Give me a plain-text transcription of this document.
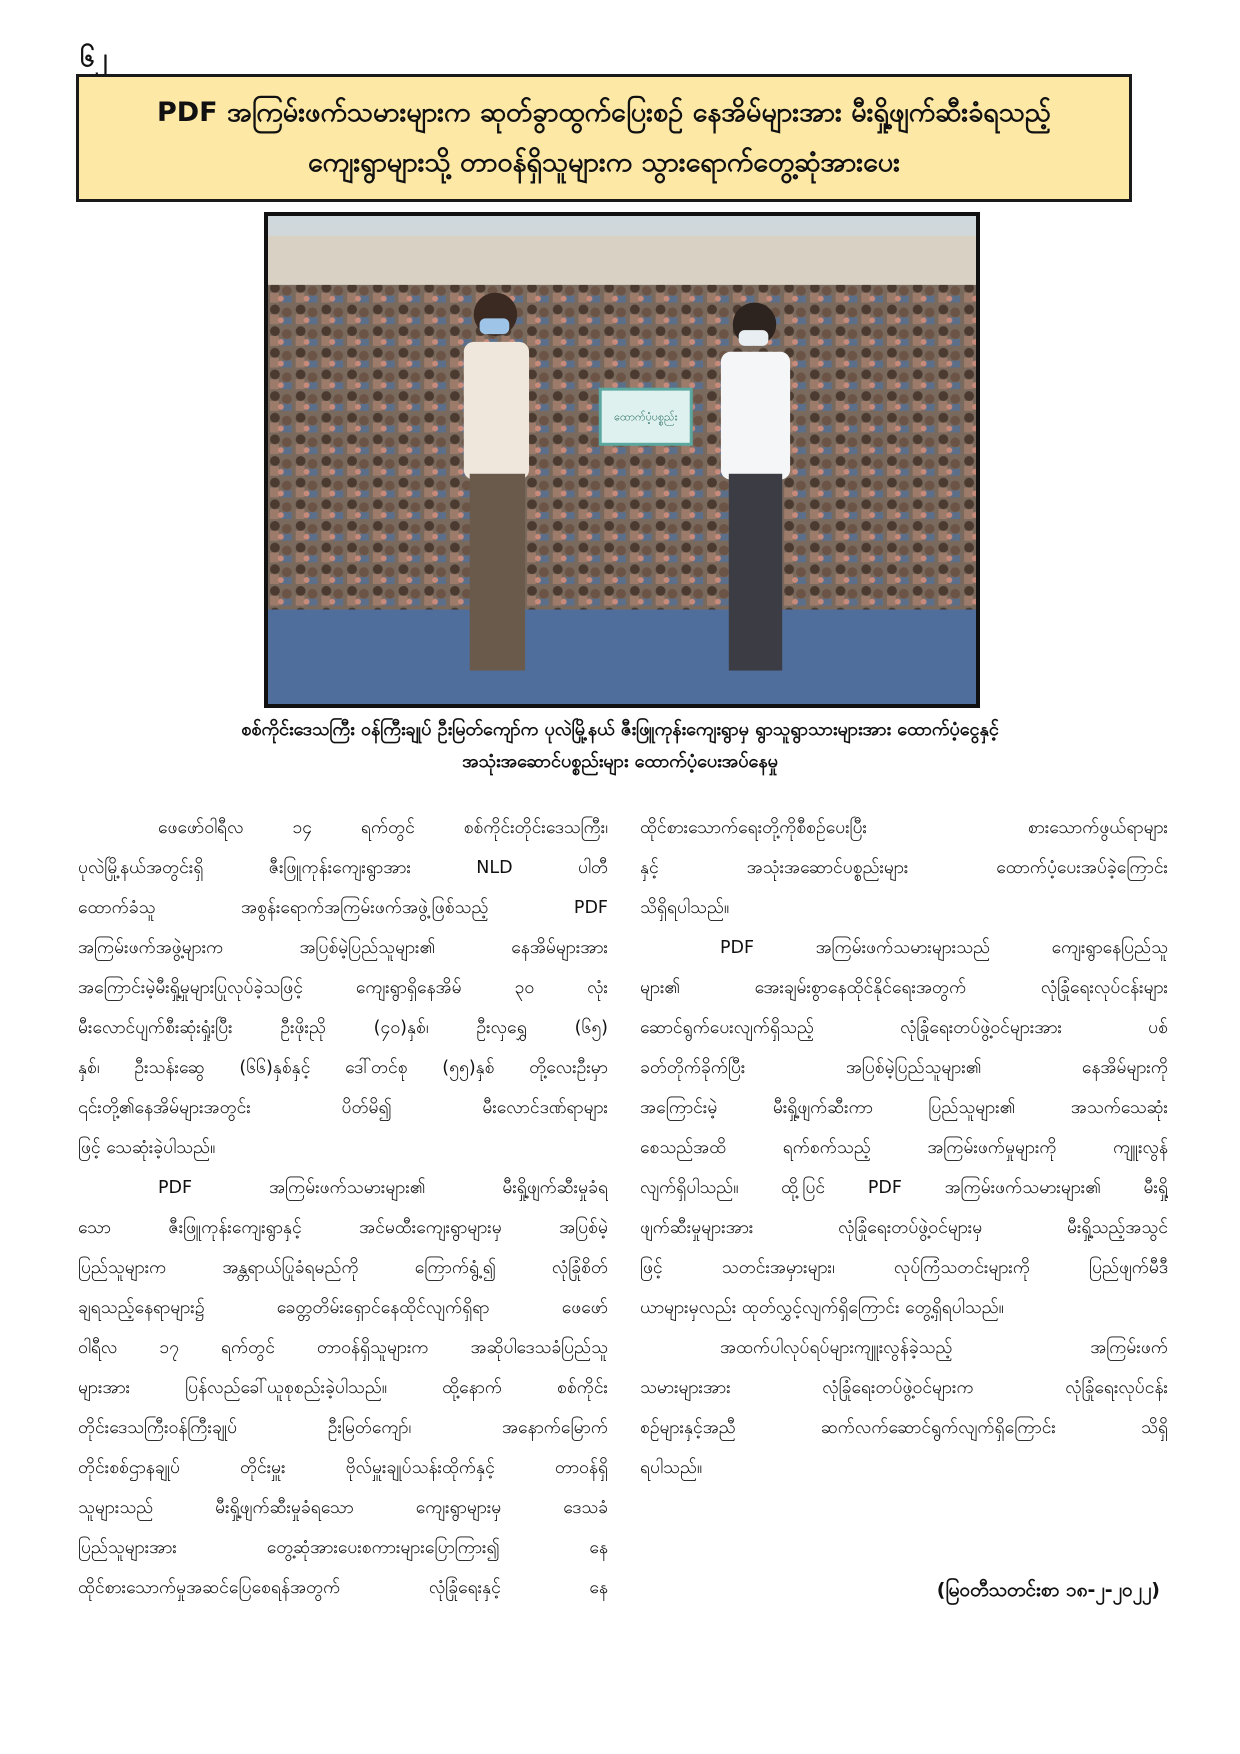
၆၂
PDF အကြမ်းဖက်သမားများက ဆုတ်ခွာထွက်ပြေးစဉ် နေအိမ်များအား မီးရှို့ဖျက်ဆီးခံရသည့်
ကျေးရွာများသို့ တာဝန်ရှိသူများက သွားရောက်တွေ့ဆုံအားပေး
ထောက်ပံ့ပစ္စည်း
စစ်ကိုင်းဒေသကြီး ဝန်ကြီးချုပ် ဦးမြတ်ကျော်က ပုလဲမြို့နယ် ဇီးဖြူကုန်းကျေးရွာမှ ရွာသူရွာသားများအား ထောက်ပံ့ငွေနှင့်
အသုံးအဆောင်ပစ္စည်းများ ထောက်ပံ့ပေးအပ်နေမှု
ဖေဖော်ဝါရီလ ၁၄ ရက်တွင် စစ်ကိုင်းတိုင်းဒေသကြီး၊
ပုလဲမြို့နယ်အတွင်းရှိ ဇီးဖြူကုန်းကျေးရွာအား NLD ပါတီ
ထောက်ခံသူ အစွန်းရောက်အကြမ်းဖက်အဖွဲ့ဖြစ်သည့် PDF
အကြမ်းဖက်အဖွဲ့များက အပြစ်မဲ့ပြည်သူများ၏ နေအိမ်များအား
အကြောင်းမဲ့မီးရှို့မှုများပြုလုပ်ခဲ့သဖြင့် ကျေးရွာရှိနေအိမ် ၃၀ လုံး
မီးလောင်ပျက်စီးဆုံးရှုံးပြီး ဦးဖိုးညို (၄၀)နှစ်၊ ဦးလှရွှေ (၆၅)
နှစ်၊ ဦးသန်းဆွေ (၆၆)နှစ်နှင့် ဒေါ်တင်စု (၅၅)နှစ် တို့လေးဦးမှာ
၎င်းတို့၏နေအိမ်များအတွင်း ပိတ်မိ၍ မီးလောင်ဒဏ်ရာများ
ဖြင့် သေဆုံးခဲ့ပါသည်။
PDF အကြမ်းဖက်သမားများ၏ မီးရှို့ဖျက်ဆီးမှုခံရ
သော ဇီးဖြူကုန်းကျေးရွာနှင့် အင်မထီးကျေးရွာများမှ အပြစ်မဲ့
ပြည်သူများက အန္တရာယ်ပြုခံရမည်ကို ကြောက်ရွံ့၍ လုံခြုံစိတ်
ချရသည့်နေရာများ၌ ခေတ္တတိမ်းရှောင်နေထိုင်လျက်ရှိရာ ဖေဖော်
ဝါရီလ ၁၇ ရက်တွင် တာဝန်ရှိသူများက အဆိုပါဒေသခံပြည်သူ
များအား ပြန်လည်ခေါ်ယူစုစည်းခဲ့ပါသည်။ ထို့နောက် စစ်ကိုင်း
တိုင်းဒေသကြီးဝန်ကြီးချုပ် ဦးမြတ်ကျော်၊ အနောက်မြောက်
တိုင်းစစ်ဌာနချုပ် တိုင်းမှူး ဗိုလ်မှူးချုပ်သန်းထိုက်နှင့် တာဝန်ရှိ
သူများသည် မီးရှို့ဖျက်ဆီးမှုခံရသော ကျေးရွာများမှ ဒေသခံ
ပြည်သူများအား တွေ့ဆုံအားပေးစကားများပြောကြား၍ နေ
ထိုင်စားသောက်မှုအဆင်ပြေစေရန်အတွက် လုံခြုံရေးနှင့် နေ
ထိုင်စားသောက်ရေးတို့ကိုစီစဉ်ပေးပြီး စားသောက်ဖွယ်ရာများ
နှင့် အသုံးအဆောင်ပစ္စည်းများ ထောက်ပံ့ပေးအပ်ခဲ့ကြောင်း
သိရှိရပါသည်။
PDF အကြမ်းဖက်သမားများသည် ကျေးရွာနေပြည်သူ
များ၏ အေးချမ်းစွာနေထိုင်နိုင်ရေးအတွက် လုံခြုံရေးလုပ်ငန်းများ
ဆောင်ရွက်ပေးလျက်ရှိသည့် လုံခြုံရေးတပ်ဖွဲ့ဝင်များအား ပစ်
ခတ်တိုက်ခိုက်ပြီး အပြစ်မဲ့ပြည်သူများ၏ နေအိမ်များကို
အကြောင်းမဲ့ မီးရှို့ဖျက်ဆီးကာ ပြည်သူများ၏ အသက်သေဆုံး
စေသည်အထိ ရက်စက်သည့် အကြမ်းဖက်မှုများကို ကျူးလွန်
လျက်ရှိပါသည်။ ထို့ပြင် PDF အကြမ်းဖက်သမားများ၏ မီးရှို့
ဖျက်ဆီးမှုများအား လုံခြုံရေးတပ်ဖွဲ့ဝင်များမှ မီးရှို့သည့်အသွင်
ဖြင့် သတင်းအမှားများ၊ လုပ်ကြံသတင်းများကို ပြည်ဖျက်မီဒီ
ယာများမှလည်း ထုတ်လွှင့်လျက်ရှိကြောင်း တွေ့ရှိရပါသည်။
အထက်ပါလုပ်ရပ်များကျူးလွန်ခဲ့သည့် အကြမ်းဖက်
သမားများအား လုံခြုံရေးတပ်ဖွဲ့ဝင်များက လုံခြုံရေးလုပ်ငန်း
စဉ်များနှင့်အညီ ဆက်လက်ဆောင်ရွက်လျက်ရှိကြောင်း သိရှိ
ရပါသည်။
(မြဝတီသတင်းစာ ၁၈-၂-၂၀၂၂)
